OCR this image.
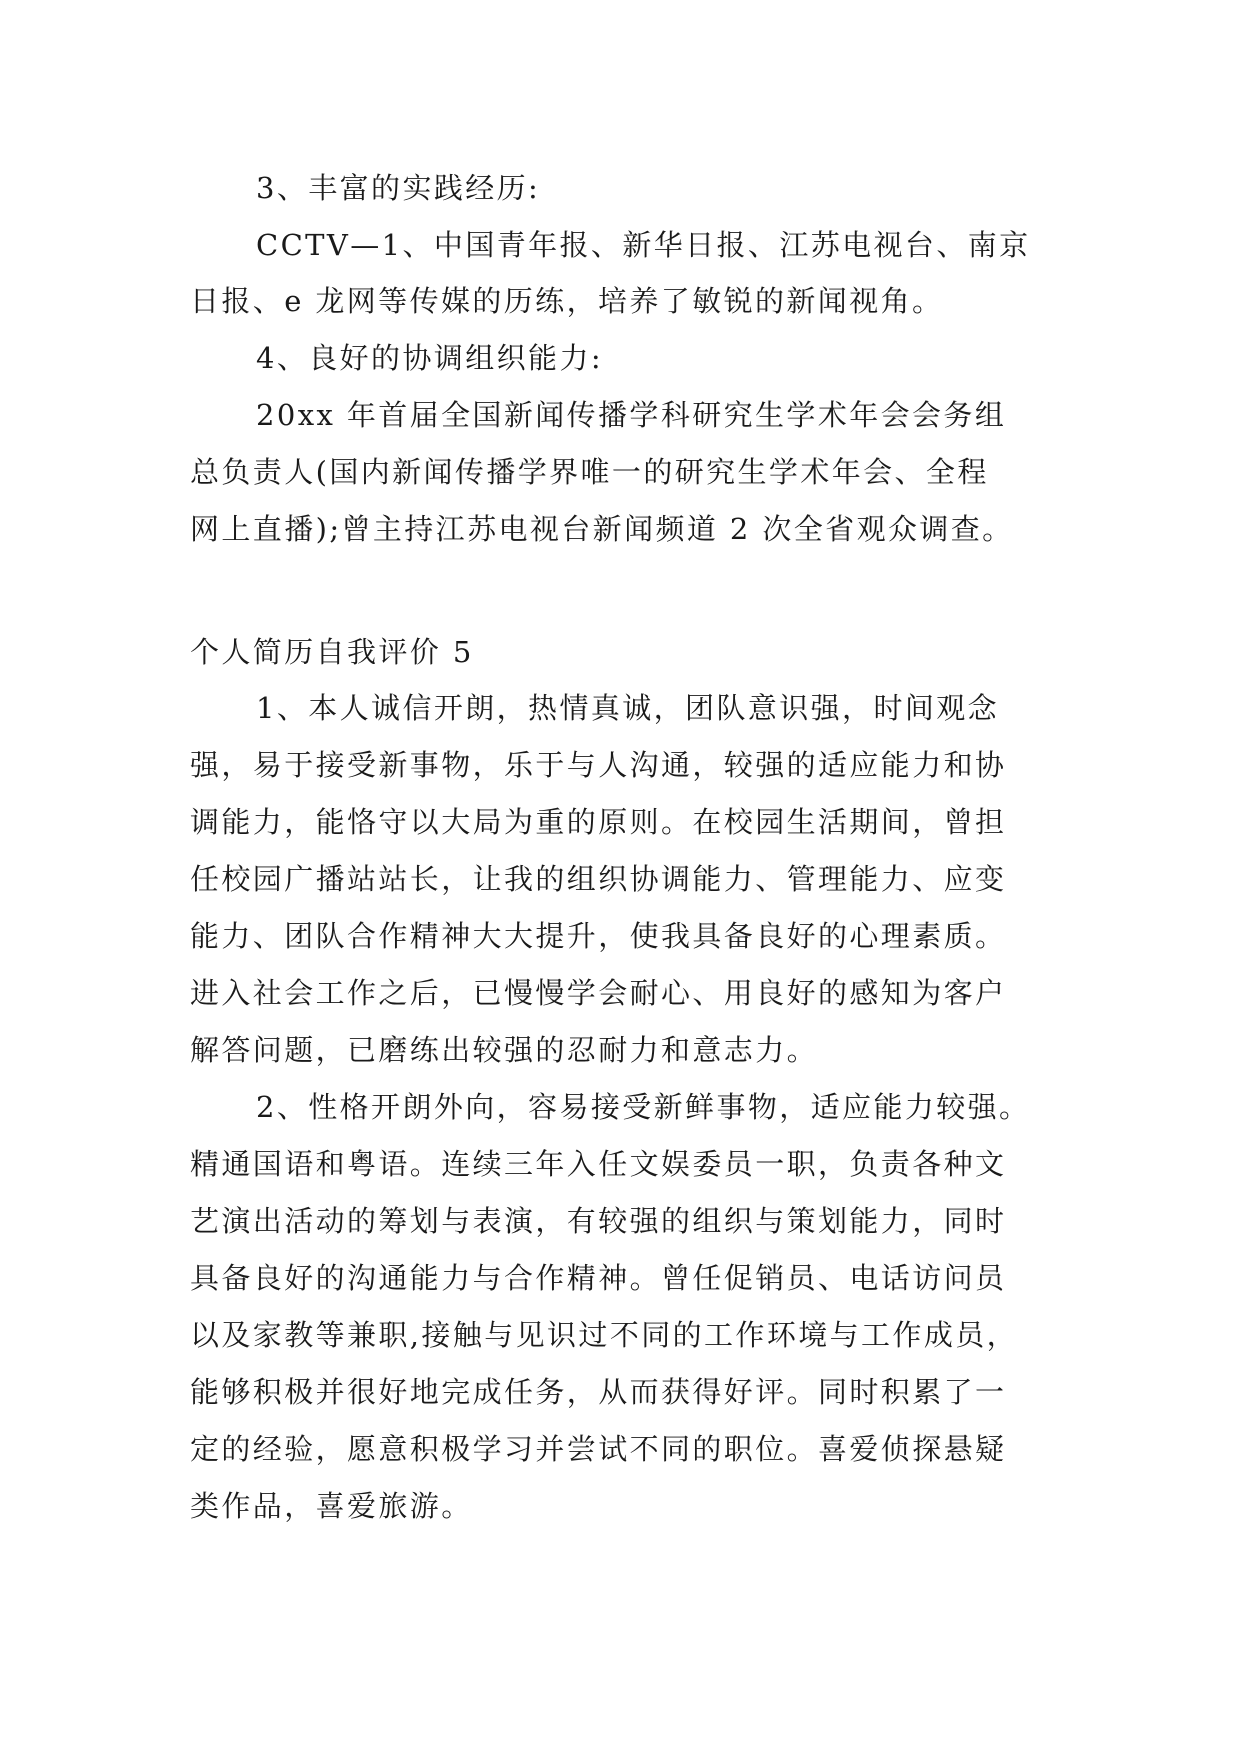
3、丰富的实践经历:
CCTV—1、中国青年报、新华日报、江苏电视台、南京
日报、e 龙网等传媒的历练，培养了敏锐的新闻视角。
4、良好的协调组织能力:
20xx 年首届全国新闻传播学科研究生学术年会会务组
总负责人(国内新闻传播学界唯一的研究生学术年会、全程
网上直播);曾主持江苏电视台新闻频道 2 次全省观众调查。
个人简历自我评价 5
1、本人诚信开朗，热情真诚，团队意识强，时间观念
强，易于接受新事物，乐于与人沟通，较强的适应能力和协
调能力，能恪守以大局为重的原则。在校园生活期间，曾担
任校园广播站站长，让我的组织协调能力、管理能力、应变
能力、团队合作精神大大提升，使我具备良好的心理素质。
进入社会工作之后，已慢慢学会耐心、用良好的感知为客户
解答问题，已磨练出较强的忍耐力和意志力。
2、性格开朗外向，容易接受新鲜事物，适应能力较强。
精通国语和粤语。连续三年入任文娱委员一职，负责各种文
艺演出活动的筹划与表演，有较强的组织与策划能力，同时
具备良好的沟通能力与合作精神。曾任促销员、电话访问员
以及家教等兼职,接触与见识过不同的工作环境与工作成员，
能够积极并很好地完成任务，从而获得好评。同时积累了一
定的经验，愿意积极学习并尝试不同的职位。喜爱侦探悬疑
类作品，喜爱旅游。
